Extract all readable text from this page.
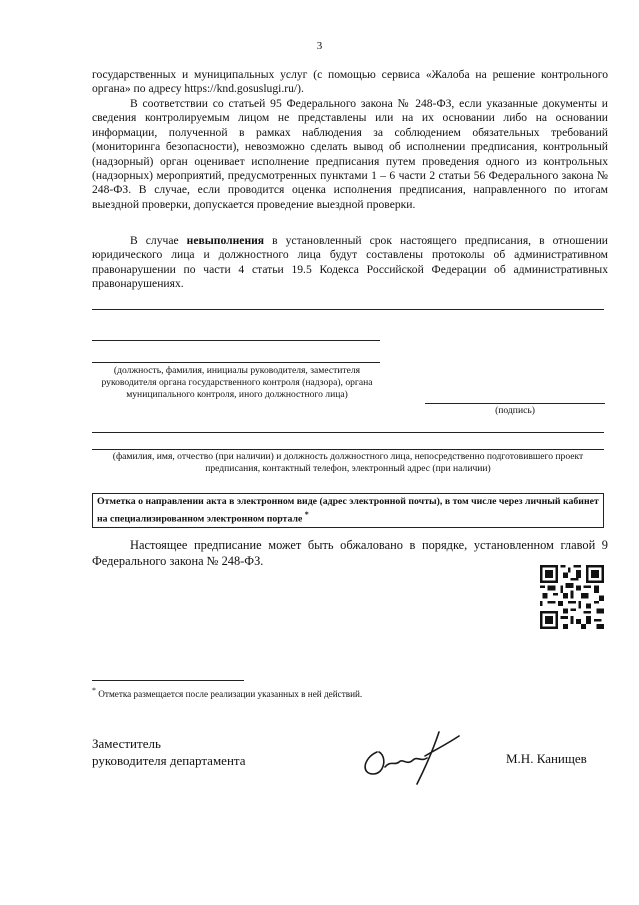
3

государственных и муниципальных услуг (с помощью сервиса «Жалоба на решение контрольного органа» по адресу https://knd.gosuslugi.ru/).

В соответствии со статьей 95 Федерального закона № 248-ФЗ, если указанные документы и сведения контролируемым лицом не представлены или на их основании либо на основании информации, полученной в рамках наблюдения за соблюдением обязательных требований (мониторинга безопасности), невозможно сделать вывод об исполнении предписания, контрольный (надзорный) орган оценивает исполнение предписания путем проведения одного из контрольных (надзорных) мероприятий, предусмотренных пунктами 1 – 6 части 2 статьи 56 Федерального закона № 248-ФЗ. В случае, если проводится оценка исполнения предписания, направленного по итогам выездной проверки, допускается проведение выездной проверки.

В случае невыполнения в установленный срок настоящего предписания, в отношении юридического лица и должностного лица будут составлены протоколы об административном правонарушении по части 4 статьи 19.5 Кодекса Российской Федерации об административных правонарушениях.

(должность, фамилия, инициалы руководителя, заместителя руководителя органа государственного контроля (надзора), органа муниципального контроля, иного должностного лица)

(подпись)

(фамилия, имя, отчество (при наличии) и должность должностного лица, непосредственно подготовившего проект предписания, контактный телефон, электронный адрес (при наличии)

Отметка о направлении акта в электронном виде (адрес электронной почты), в том числе через личный кабинет на специализированном электронном портале *

Настоящее предписание может быть обжаловано в порядке, установленном главой 9 Федерального закона № 248-ФЗ.

* Отметка размещается после реализации указанных в ней действий.

Заместитель
руководителя департамента	М.Н. Канищев
